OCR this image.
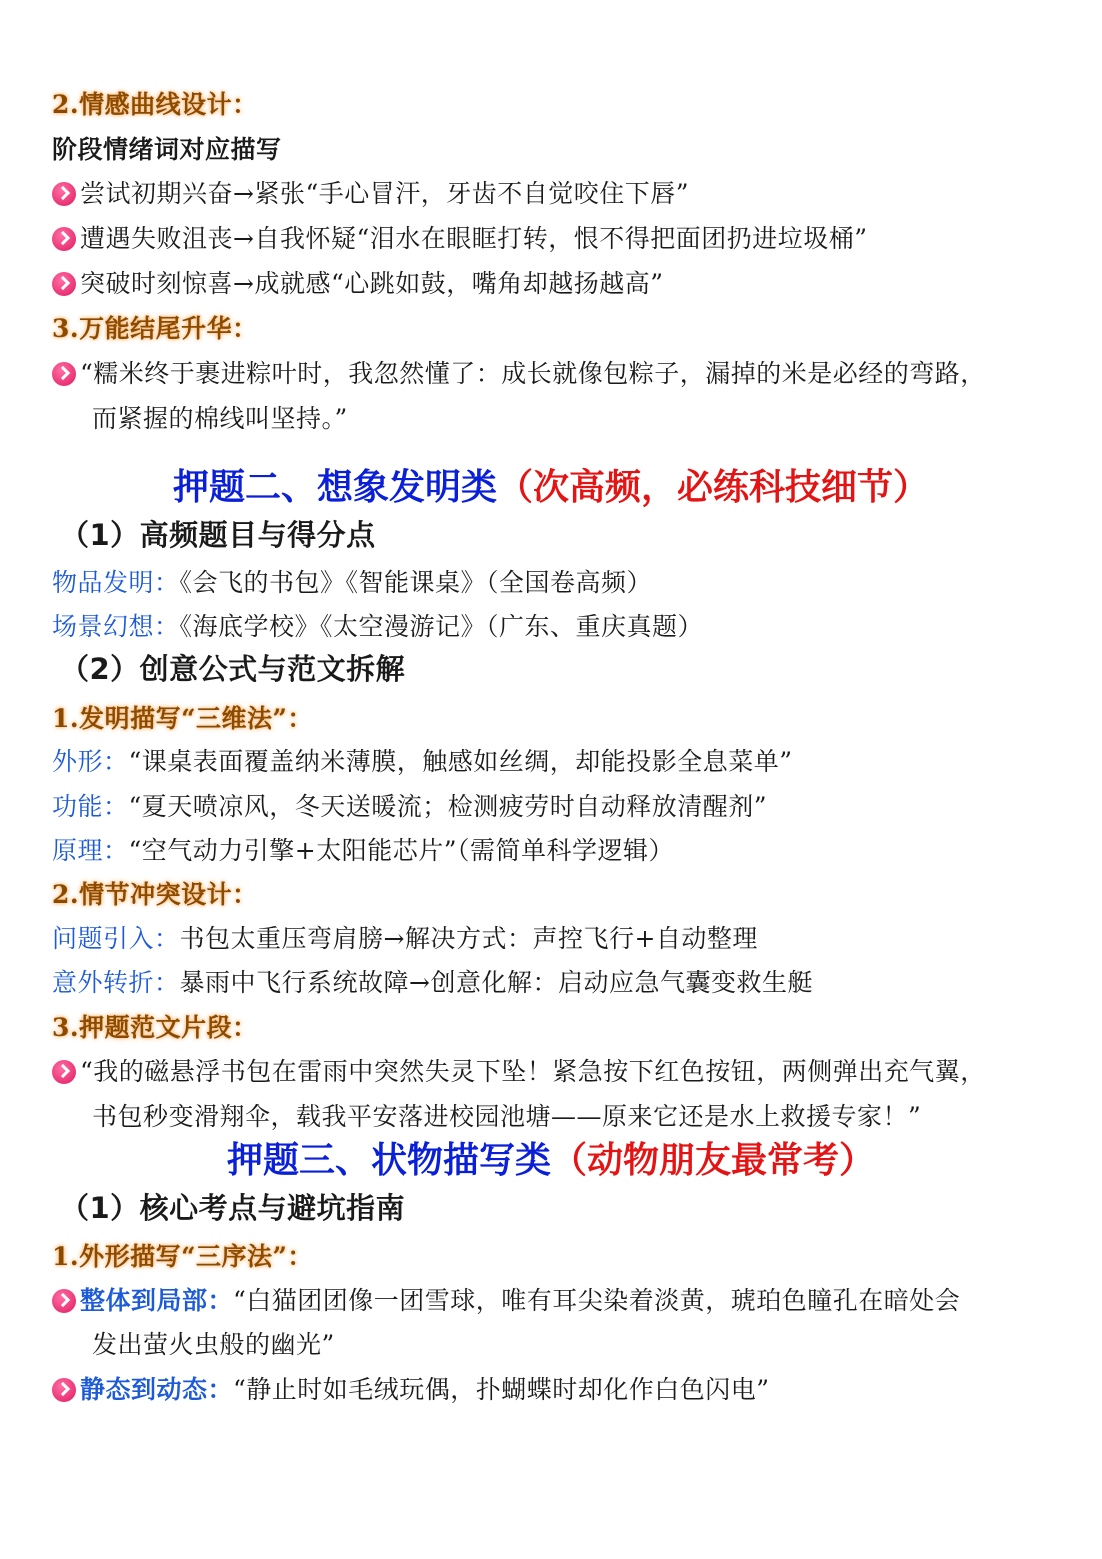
2.情感曲线设计：
阶段情绪词对应描写
尝试初期兴奋→紧张“手心冒汗，牙齿不自觉咬住下唇”
遭遇失败沮丧→自我怀疑“泪水在眼眶打转，恨不得把面团扔进垃圾桶”
突破时刻惊喜→成就感“心跳如鼓，嘴角却越扬越高”
3.万能结尾升华：
“糯米终于裹进粽叶时，我忽然懂了：成长就像包粽子，漏掉的米是必经的弯路，
而紧握的棉线叫坚持。”
押题二、想象发明类（次高频，必练科技细节）
（1）高频题目与得分点
物品发明：《会飞的书包》《智能课桌》（全国卷高频）
场景幻想：《海底学校》《太空漫游记》（广东、重庆真题）
（2）创意公式与范文拆解
1.发明描写“三维法”：
外形：“课桌表面覆盖纳米薄膜，触感如丝绸，却能投影全息菜单”
功能：“夏天喷凉风，冬天送暖流；检测疲劳时自动释放清醒剂”
原理：“空气动力引擎+太阳能芯片”（需简单科学逻辑）
2.情节冲突设计：
问题引入：书包太重压弯肩膀→解决方式：声控飞行+自动整理
意外转折：暴雨中飞行系统故障→创意化解：启动应急气囊变救生艇
3.押题范文片段：
“我的磁悬浮书包在雷雨中突然失灵下坠！紧急按下红色按钮，两侧弹出充气翼，
书包秒变滑翔伞，载我平安落进校园池塘——原来它还是水上救援专家！”
押题三、状物描写类（动物朋友最常考）
（1）核心考点与避坑指南
1.外形描写“三序法”：
整体到局部：“白猫团团像一团雪球，唯有耳尖染着淡黄，琥珀色瞳孔在暗处会
发出萤火虫般的幽光”
静态到动态：“静止时如毛绒玩偶，扑蝴蝶时却化作白色闪电”
